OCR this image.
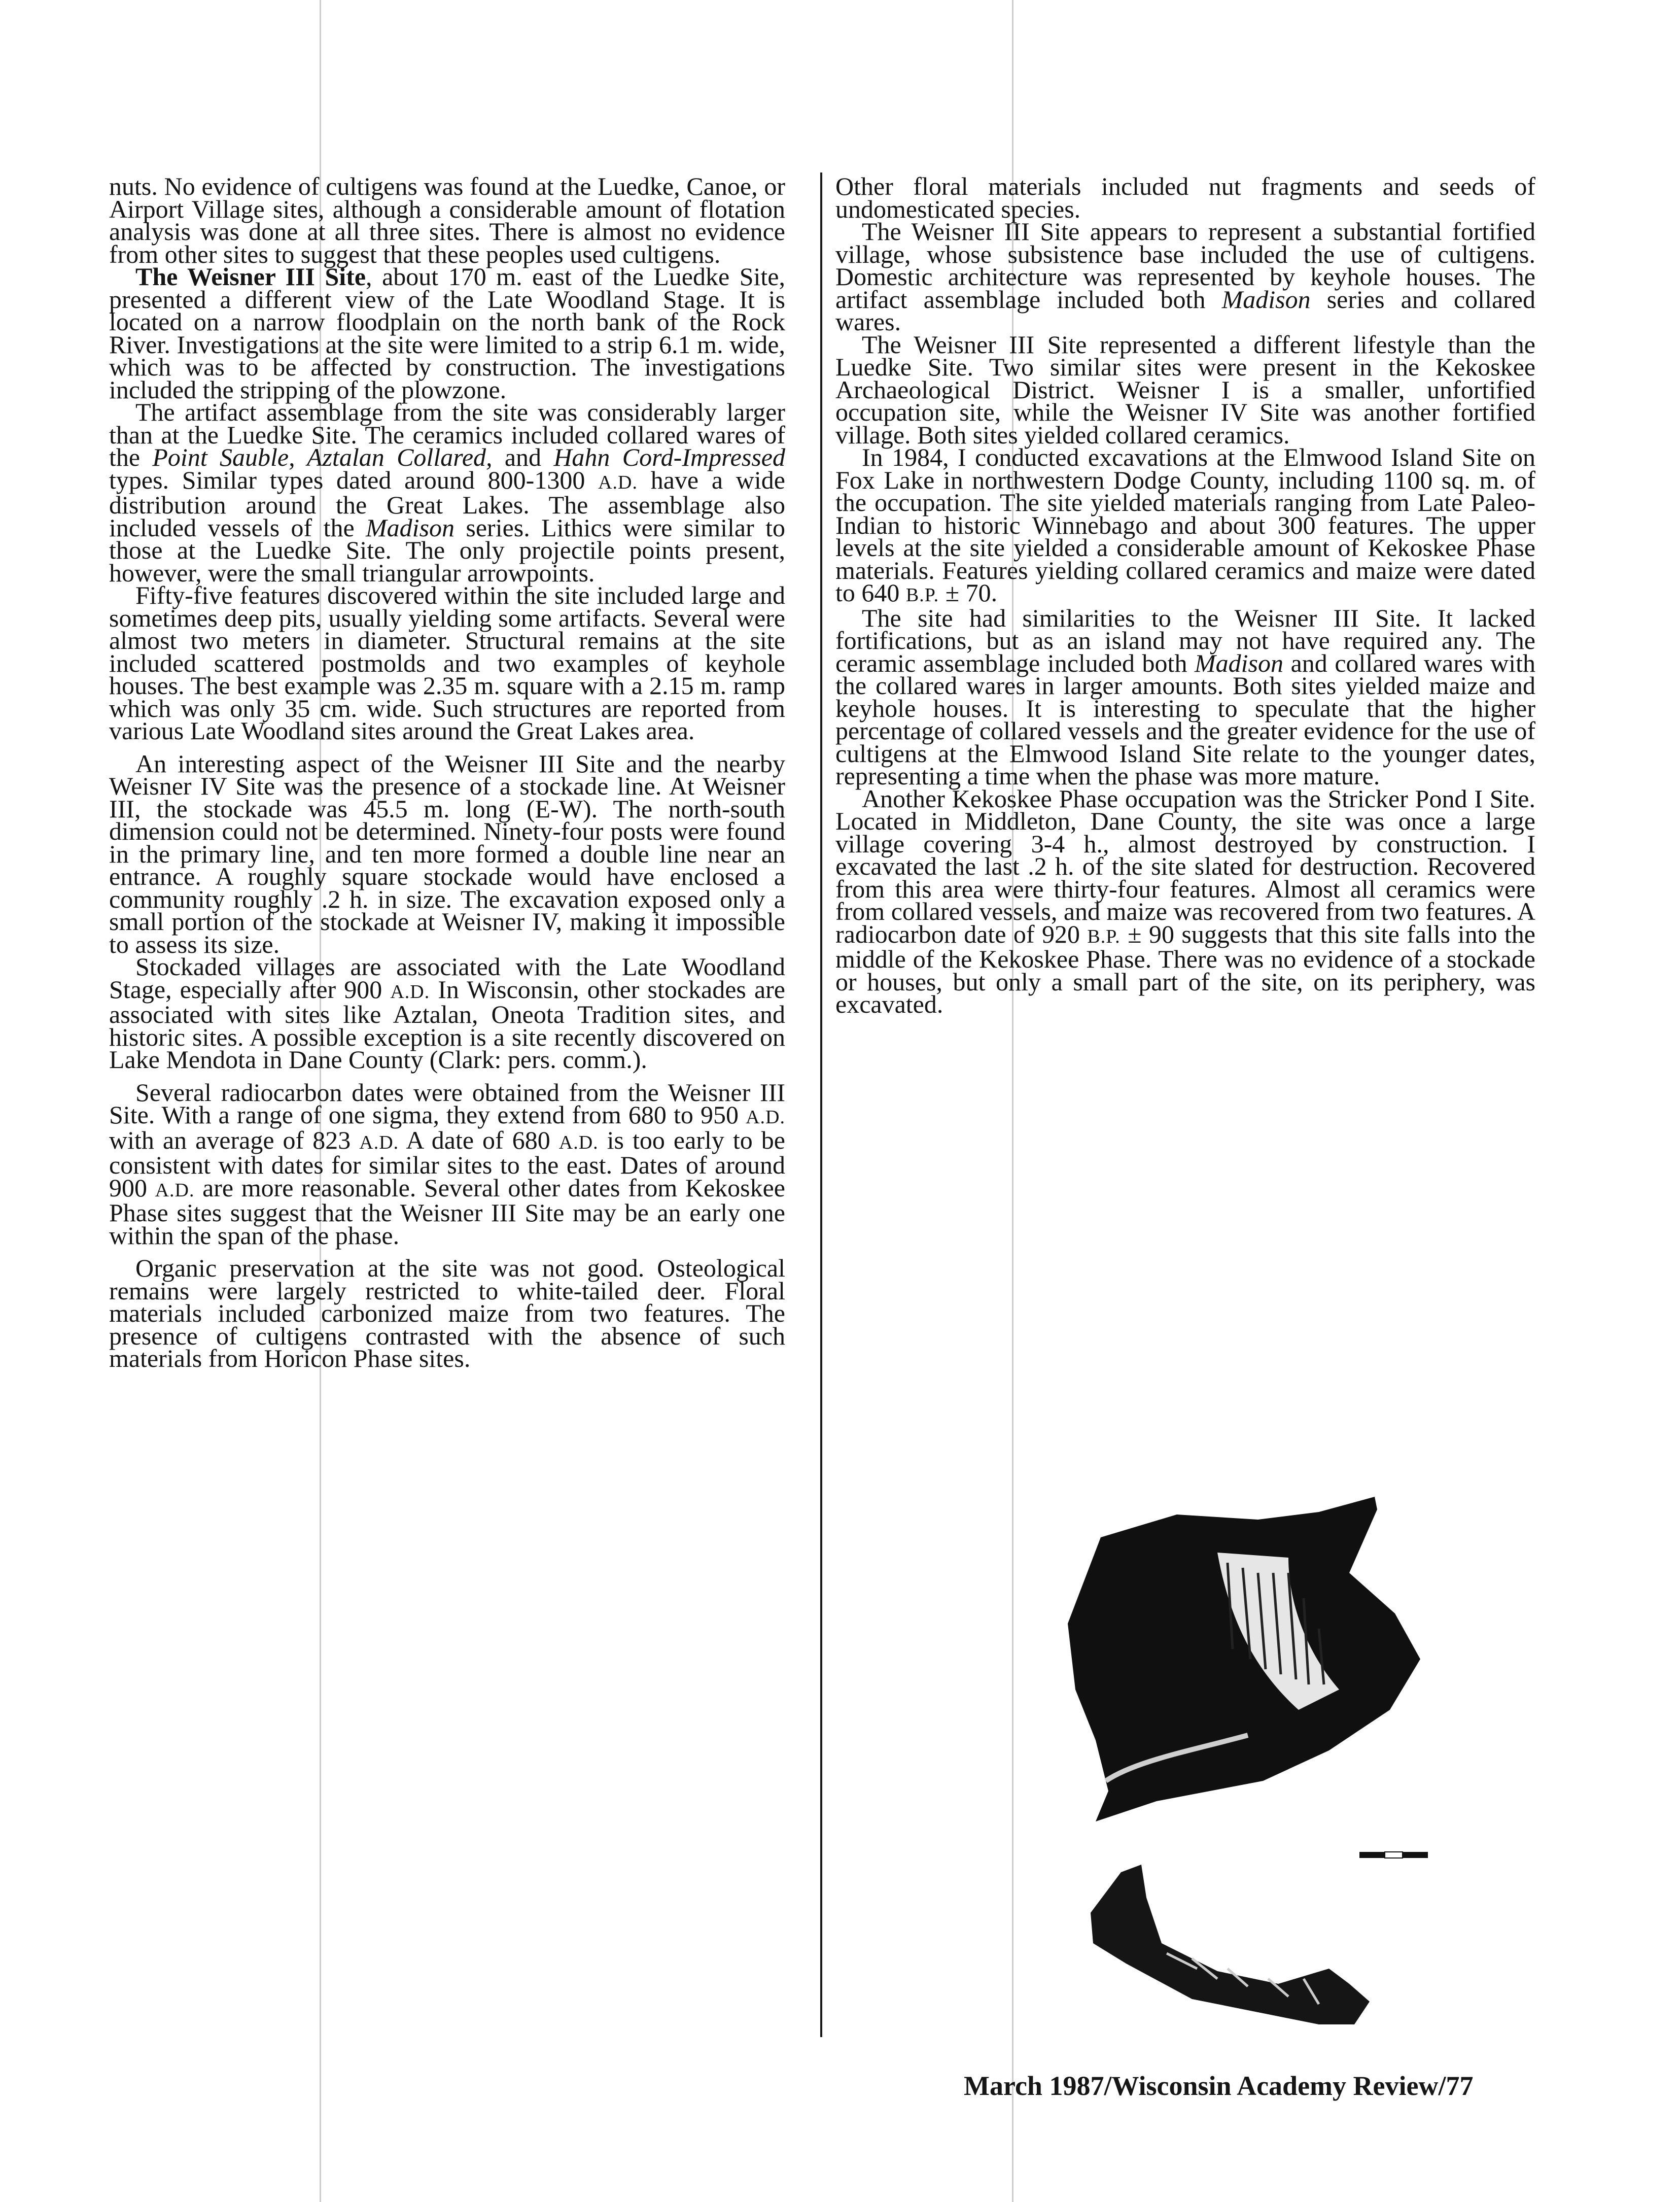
nuts. No evidence of cultigens was found at the Luedke, Canoe, or Airport Village sites, although a considerable amount of flotation analysis was done at all three sites. There is almost no evidence from other sites to suggest that these peoples used cultigens.

The Weisner III Site, about 170 m. east of the Luedke Site, presented a different view of the Late Woodland Stage. It is located on a narrow floodplain on the north bank of the Rock River. Investigations at the site were limited to a strip 6.1 m. wide, which was to be affected by construction. The investigations included the stripping of the plowzone.

The artifact assemblage from the site was considerably larger than at the Luedke Site. The ceramics included collared wares of the Point Sauble, Aztalan Collared, and Hahn Cord-Impressed types. Similar types dated around 800-1300 A.D. have a wide distribution around the Great Lakes. The assemblage also included vessels of the Madison series. Lithics were similar to those at the Luedke Site. The only projectile points present, however, were the small triangular arrowpoints.

Fifty-five features discovered within the site included large and sometimes deep pits, usually yielding some artifacts. Several were almost two meters in diameter. Structural remains at the site included scattered postmolds and two examples of keyhole houses. The best example was 2.35 m. square with a 2.15 m. ramp which was only 35 cm. wide. Such structures are reported from various Late Woodland sites around the Great Lakes area.

An interesting aspect of the Weisner III Site and the nearby Weisner IV Site was the presence of a stockade line. At Weisner III, the stockade was 45.5 m. long (E-W). The north-south dimension could not be determined. Ninety-four posts were found in the primary line, and ten more formed a double line near an entrance. A roughly square stockade would have enclosed a community roughly .2 h. in size. The excavation exposed only a small portion of the stockade at Weisner IV, making it impossible to assess its size.

Stockaded villages are associated with the Late Woodland Stage, especially after 900 A.D. In Wisconsin, other stockades are associated with sites like Aztalan, Oneota Tradition sites, and historic sites. A possible exception is a site recently discovered on Lake Mendota in Dane County (Clark: pers. comm.).

Several radiocarbon dates were obtained from the Weisner III Site. With a range of one sigma, they extend from 680 to 950 A.D. with an average of 823 A.D. A date of 680 A.D. is too early to be consistent with dates for similar sites to the east. Dates of around 900 A.D. are more reasonable. Several other dates from Kekoskee Phase sites suggest that the Weisner III Site may be an early one within the span of the phase.

Organic preservation at the site was not good. Osteological remains were largely restricted to white-tailed deer. Floral materials included carbonized maize from two features. The presence of cultigens contrasted with the absence of such materials from Horicon Phase sites.

Other floral materials included nut fragments and seeds of undomesticated species.

The Weisner III Site appears to represent a substantial fortified village, whose subsistence base included the use of cultigens. Domestic architecture was represented by keyhole houses. The artifact assemblage included both Madison series and collared wares.

The Weisner III Site represented a different lifestyle than the Luedke Site. Two similar sites were present in the Kekoskee Archaeological District. Weisner I is a smaller, unfortified occupation site, while the Weisner IV Site was another fortified village. Both sites yielded collared ceramics.

In 1984, I conducted excavations at the Elmwood Island Site on Fox Lake in northwestern Dodge County, including 1100 sq. m. of the occupation. The site yielded materials ranging from Late Paleo-Indian to historic Winnebago and about 300 features. The upper levels at the site yielded a considerable amount of Kekoskee Phase materials. Features yielding collared ceramics and maize were dated to 640 B.P. ± 70.

The site had similarities to the Weisner III Site. It lacked fortifications, but as an island may not have required any. The ceramic assemblage included both Madison and collared wares with the collared wares in larger amounts. Both sites yielded maize and keyhole houses. It is interesting to speculate that the higher percentage of collared vessels and the greater evidence for the use of cultigens at the Elmwood Island Site relate to the younger dates, representing a time when the phase was more mature.

Another Kekoskee Phase occupation was the Stricker Pond I Site. Located in Middleton, Dane County, the site was once a large village covering 3-4 h., almost destroyed by construction. I excavated the last .2 h. of the site slated for destruction. Recovered from this area were thirty-four features. Almost all ceramics were from collared vessels, and maize was recovered from two features. A radiocarbon date of 920 B.P. ± 90 suggests that this site falls into the middle of the Kekoskee Phase. There was no evidence of a stockade or houses, but only a small part of the site, on its periphery, was excavated.

March 1987/Wisconsin Academy Review/77
